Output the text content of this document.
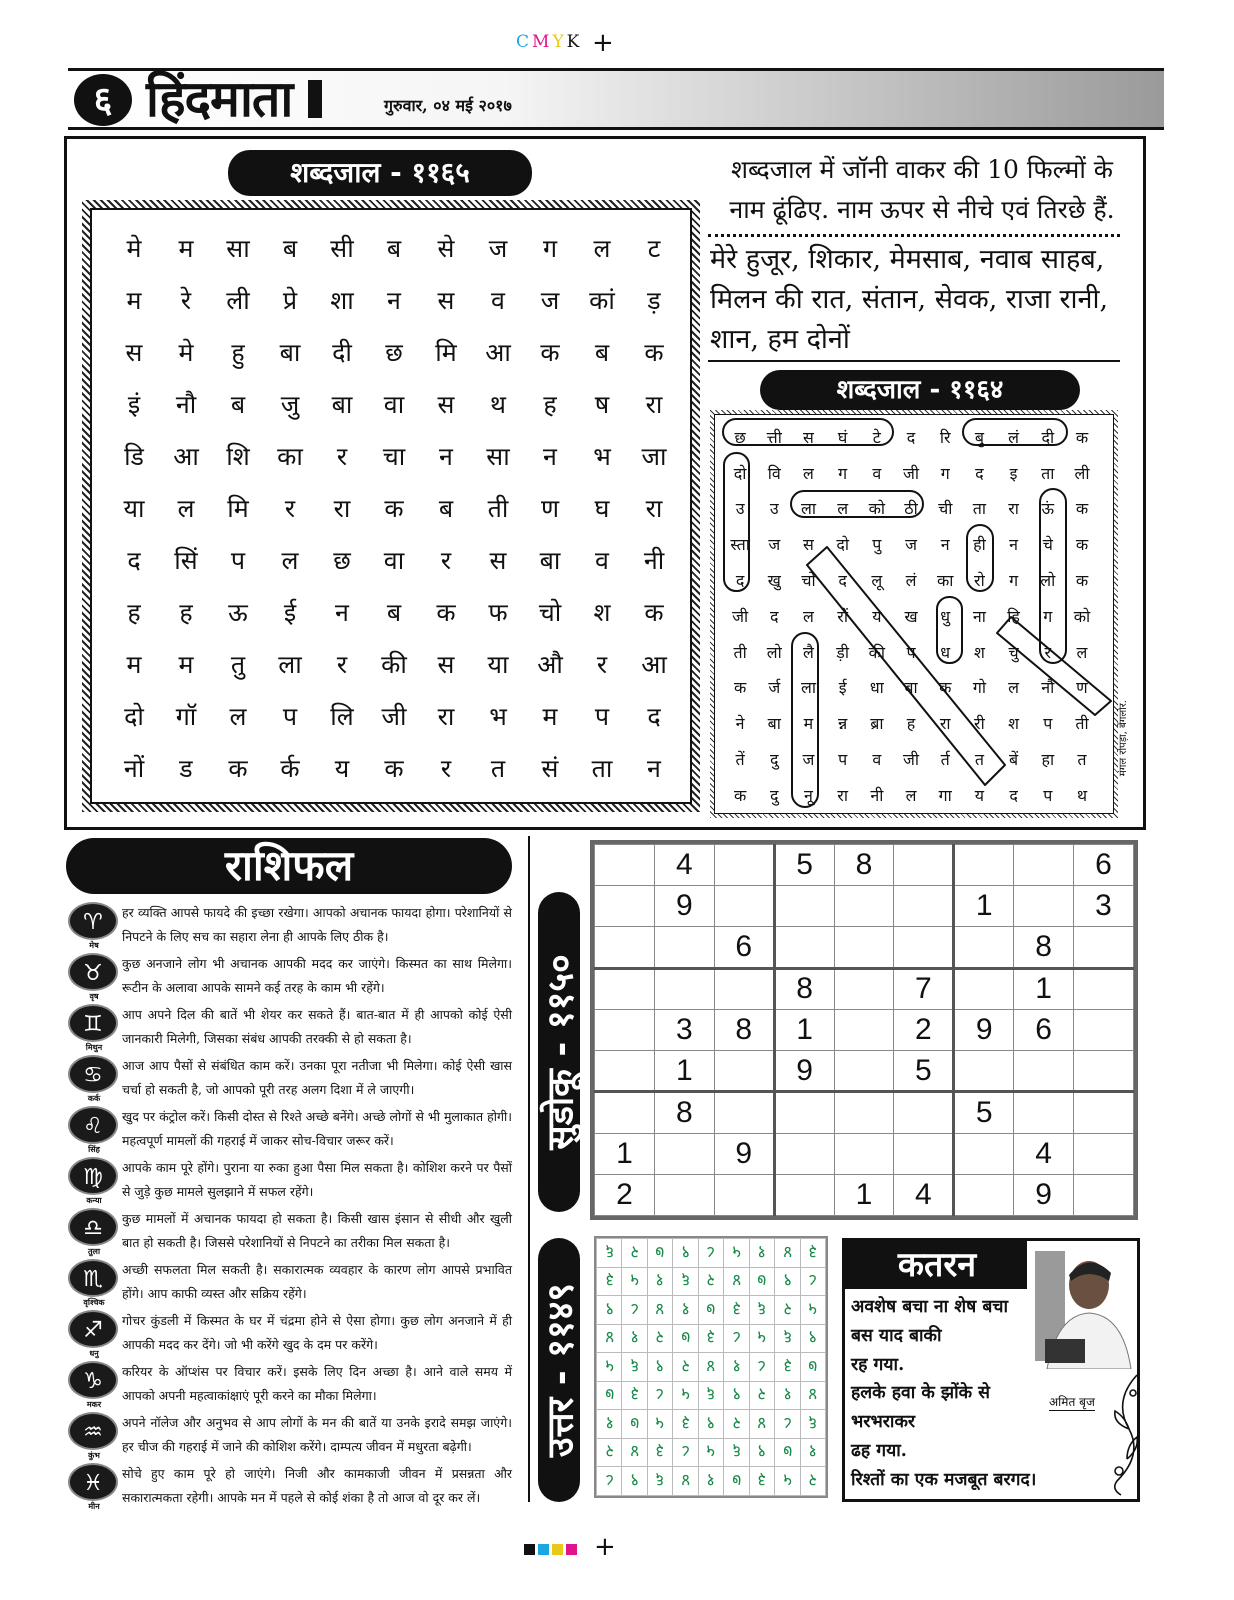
CMYK +
+
६ हिंदमाता	गुरुवार, ०४ मई २०१७
शब्दजाल - ११६५
मे	म	सा	ब	सी	ब	से	ज	ग	ल	ट
म	रे	ली	प्रे	शा	न	स	व	ज	कां	ड़
स	मे	हु	बा	दी	छ	मि	आ	क	ब	क
इं	नौ	ब	जु	बा	वा	स	थ	ह	ष	रा
डि	आ	शि	का	र	चा	न	सा	न	भ	जा
या	ल	मि	र	रा	क	ब	ती	ण	घ	रा
द	सिं	प	ल	छ	वा	र	स	बा	व	नी
ह	ह	ऊ	ई	न	ब	क	फ	चो	श	क
म	म	तु	ला	र	की	स	या	औ	र	आ
दो	गॉ	ल	प	लि	जी	रा	भ	म	प	द
नों	ड	क	र्क	य	क	र	त	सं	ता	न
शब्दजाल में जॉनी वाकर की 10 फिल्मों के नाम ढूंढिए. नाम ऊपर से नीचे एवं तिरछे हैं.
मेरे हुजूर, शिकार, मेमसाब, नवाब साहब, मिलन की रात, संतान, सेवक, राजा रानी, शान, हम दोनों
शब्दजाल - ११६४
छ	त्ती	स	घं	टे	द	रि	बु	लं	दी	क
दो	वि	ल	ग	व	जी	ग	द	इ	ता	ली
उ	उ	ला	ल	को	ठी	ची	ता	रा	ऊं	क
स्ता	ज	स	दो	पु	ज	न	ही	न	चे	क
द	खु	चो	द	लू	लं	का	रो	ग	लो	क
जी	द	ल	रों	य	ख	धु	ना	हि	ग	को
ती	लो	लै	ड़ी	की	प	ध	श	चु	र	ल
क	र्ज	ला	ई	धा	बा	क	गो	ल	नौ	ण
ने	बा	म	न्न	ब्रा	ह	रा	री	श	प	ती
तें	दु	ज	प	व	जी	र्त	त	बें	हा	त
क	दु	नू	रा	नी	ल	गा	य	द	प	थ
मंगल रोपड़ा, बेंगलोर.
राशिफल
♈
मेष
हर व्यक्ति आपसे फायदे की इच्छा रखेगा। आपको अचानक फायदा होगा। परेशानियों से निपटने के लिए सच का सहारा लेना ही आपके लिए ठीक है।
♉
वृष
कुछ अनजाने लोग भी अचानक आपकी मदद कर जाएंगे। किस्मत का साथ मिलेगा। रूटीन के अलावा आपके सामने कई तरह के काम भी रहेंगे।
♊
मिथुन
आप अपने दिल की बातें भी शेयर कर सकते हैं। बात-बात में ही आपको कोई ऐसी जानकारी मिलेगी, जिसका संबंध आपकी तरक्की से हो सकता है।
♋
कर्क
आज आप पैसों से संबंधित काम करें। उनका पूरा नतीजा भी मिलेगा। कोई ऐसी खास चर्चा हो सकती है, जो आपको पूरी तरह अलग दिशा में ले जाएगी।
♌
सिंह
खुद पर कंट्रोल करें। किसी दोस्त से रिश्ते अच्छे बनेंगे। अच्छे लोगों से भी मुलाकात होगी। महत्वपूर्ण मामलों की गहराई में जाकर सोच-विचार जरूर करें।
♍
कन्या
आपके काम पूरे होंगे। पुराना या रुका हुआ पैसा मिल सकता है। कोशिश करने पर पैसों से जुड़े कुछ मामले सुलझाने में सफल रहेंगे।
♎
तुला
कुछ मामलों में अचानक फायदा हो सकता है। किसी खास इंसान से सीधी और खुली बात हो सकती है। जिससे परेशानियों से निपटने का तरीका मिल सकता है।
♏
वृश्चिक
अच्छी सफलता मिल सकती है। सकारात्मक व्यवहार के कारण लोग आपसे प्रभावित होंगे। आप काफी व्यस्त और सक्रिय रहेंगे।
♐
धनु
गोचर कुंडली में किस्मत के घर में चंद्रमा होने से ऐसा होगा। कुछ लोग अनजाने में ही आपकी मदद कर देंगे। जो भी करेंगे खुद के दम पर करेंगे।
♑
मकर
करियर के ऑप्शंस पर विचार करें। इसके लिए दिन अच्छा है। आने वाले समय में आपको अपनी महत्वाकांक्षाएं पूरी करने का मौका मिलेगा।
♒
कुंभ
अपने नॉलेज और अनुभव से आप लोगों के मन की बातें या उनके इरादे समझ जाएंगे। हर चीज की गहराई में जाने की कोशिश करेंगे। दाम्पत्य जीवन में मधुरता बढ़ेगी।
♓
मीन
सोचे हुए काम पूरे हो जाएंगे। निजी और कामकाजी जीवन में प्रसन्नता और सकारात्मकता रहेगी। आपके मन में पहले से कोई शंका है तो आज वो दूर कर लें।
सुडोकू - ११५०
	4		5	8				6
	9					1		3
		6					8	
			8		7		1	
	3	8	1		2	9	6	
	1		9		5			
	8					5		
1		9					4	
2				1	4		9	
उत्तर - ११४९
६	२	७	९	८	५	१	४	३
३	५	१	६	२	४	७	९	८
९	८	४	१	७	३	६	२	५
४	१	२	७	३	८	५	६	९
५	६	९	२	४	१	८	३	७
७	३	८	५	६	९	२	१	४
१	७	५	३	९	२	४	८	६
२	४	३	८	५	६	९	७	१
८	९	६	४	१	७	३	५	२
कतरन
अवशेष बचा ना शेष बचा
बस याद बाकी
रह गया.
हलके हवा के झोंके से
भरभराकर
ढह गया.
रिश्तों का एक मजबूत बरगद।
अमित बृज
